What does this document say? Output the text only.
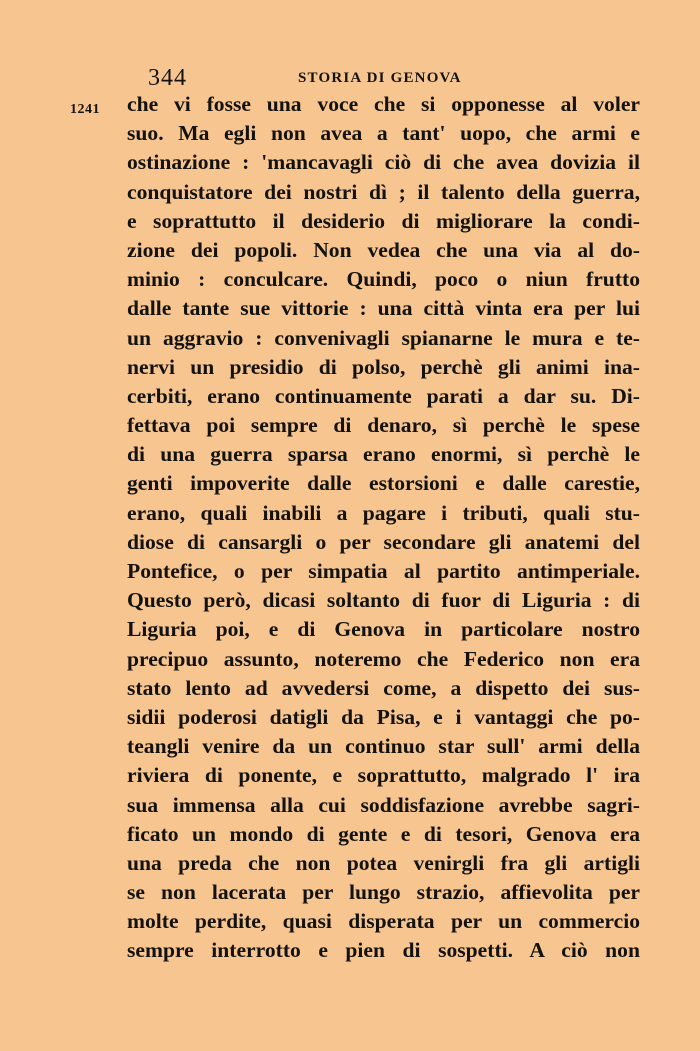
344	STORIA DI GENOVA
1241 che vi fosse una voce che si opponesse al voler
suo. Ma egli non avea a tant' uopo, che armi e
ostinazione : 'mancavagli ciò di che avea dovizia il
conquistatore dei nostri dì ; il talento della guerra,
e soprattutto il desiderio di migliorare la condi-
zione dei popoli. Non vedea che una via al do-
minio : conculcare. Quindi, poco o niun frutto
dalle tante sue vittorie : una città vinta era per lui
un aggravio : convenivagli spianarne le mura e te-
nervi un presidio di polso, perchè gli animi ina-
cerbiti, erano continuamente parati a dar su. Di-
fettava poi sempre di denaro, sì perchè le spese
di una guerra sparsa erano enormi, sì perchè le
genti impoverite dalle estorsioni e dalle carestie,
erano, quali inabili a pagare i tributi, quali stu-
diose di cansargli o per secondare gli anatemi del
Pontefice, o per simpatia al partito antimperiale.
Questo però, dicasi soltanto di fuor di Liguria : di
Liguria poi, e di Genova in particolare nostro
precipuo assunto, noteremo che Federico non era
stato lento ad avvedersi come, a dispetto dei sus-
sidii poderosi datigli da Pisa, e i vantaggi che po-
teangli venire da un continuo star sull' armi della
riviera di ponente, e soprattutto, malgrado l' ira
sua immensa alla cui soddisfazione avrebbe sagri-
ficato un mondo di gente e di tesori, Genova era
una preda che non potea venirgli fra gli artigli
se non lacerata per lungo strazio, affievolita per
molte perdite, quasi disperata per un commercio
sempre interrotto e pien di sospetti. A ciò non
